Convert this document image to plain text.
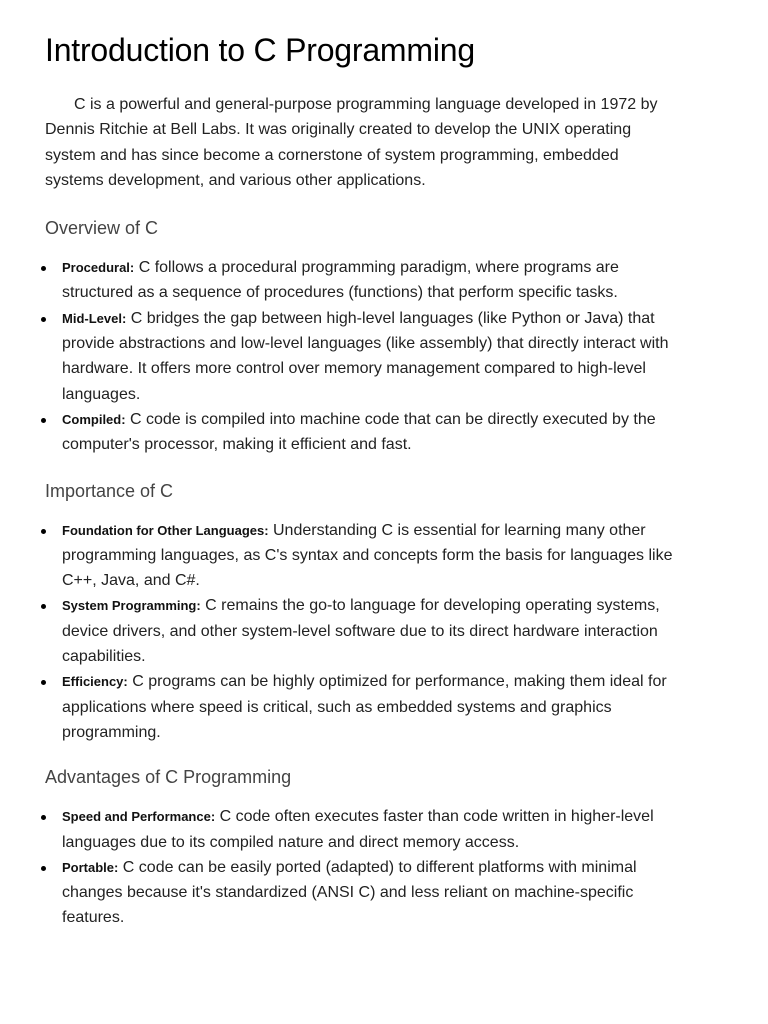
Introduction to C Programming

C is a powerful and general-purpose programming language developed in 1972 by Dennis Ritchie at Bell Labs. It was originally created to develop the UNIX operating system and has since become a cornerstone of system programming, embedded systems development, and various other applications.

Overview of C
Procedural: C follows a procedural programming paradigm, where programs are structured as a sequence of procedures (functions) that perform specific tasks.
Mid-Level: C bridges the gap between high-level languages (like Python or Java) that provide abstractions and low-level languages (like assembly) that directly interact with hardware. It offers more control over memory management compared to high-level languages.
Compiled: C code is compiled into machine code that can be directly executed by the computer's processor, making it efficient and fast.
Importance of C
Foundation for Other Languages: Understanding C is essential for learning many other programming languages, as C's syntax and concepts form the basis for languages like C++, Java, and C#.
System Programming: C remains the go-to language for developing operating systems, device drivers, and other system-level software due to its direct hardware interaction capabilities.
Efficiency: C programs can be highly optimized for performance, making them ideal for applications where speed is critical, such as embedded systems and graphics programming.
Advantages of C Programming
Speed and Performance: C code often executes faster than code written in higher-level languages due to its compiled nature and direct memory access.
Portable: C code can be easily ported (adapted) to different platforms with minimal changes because it's standardized (ANSI C) and less reliant on machine-specific features.
